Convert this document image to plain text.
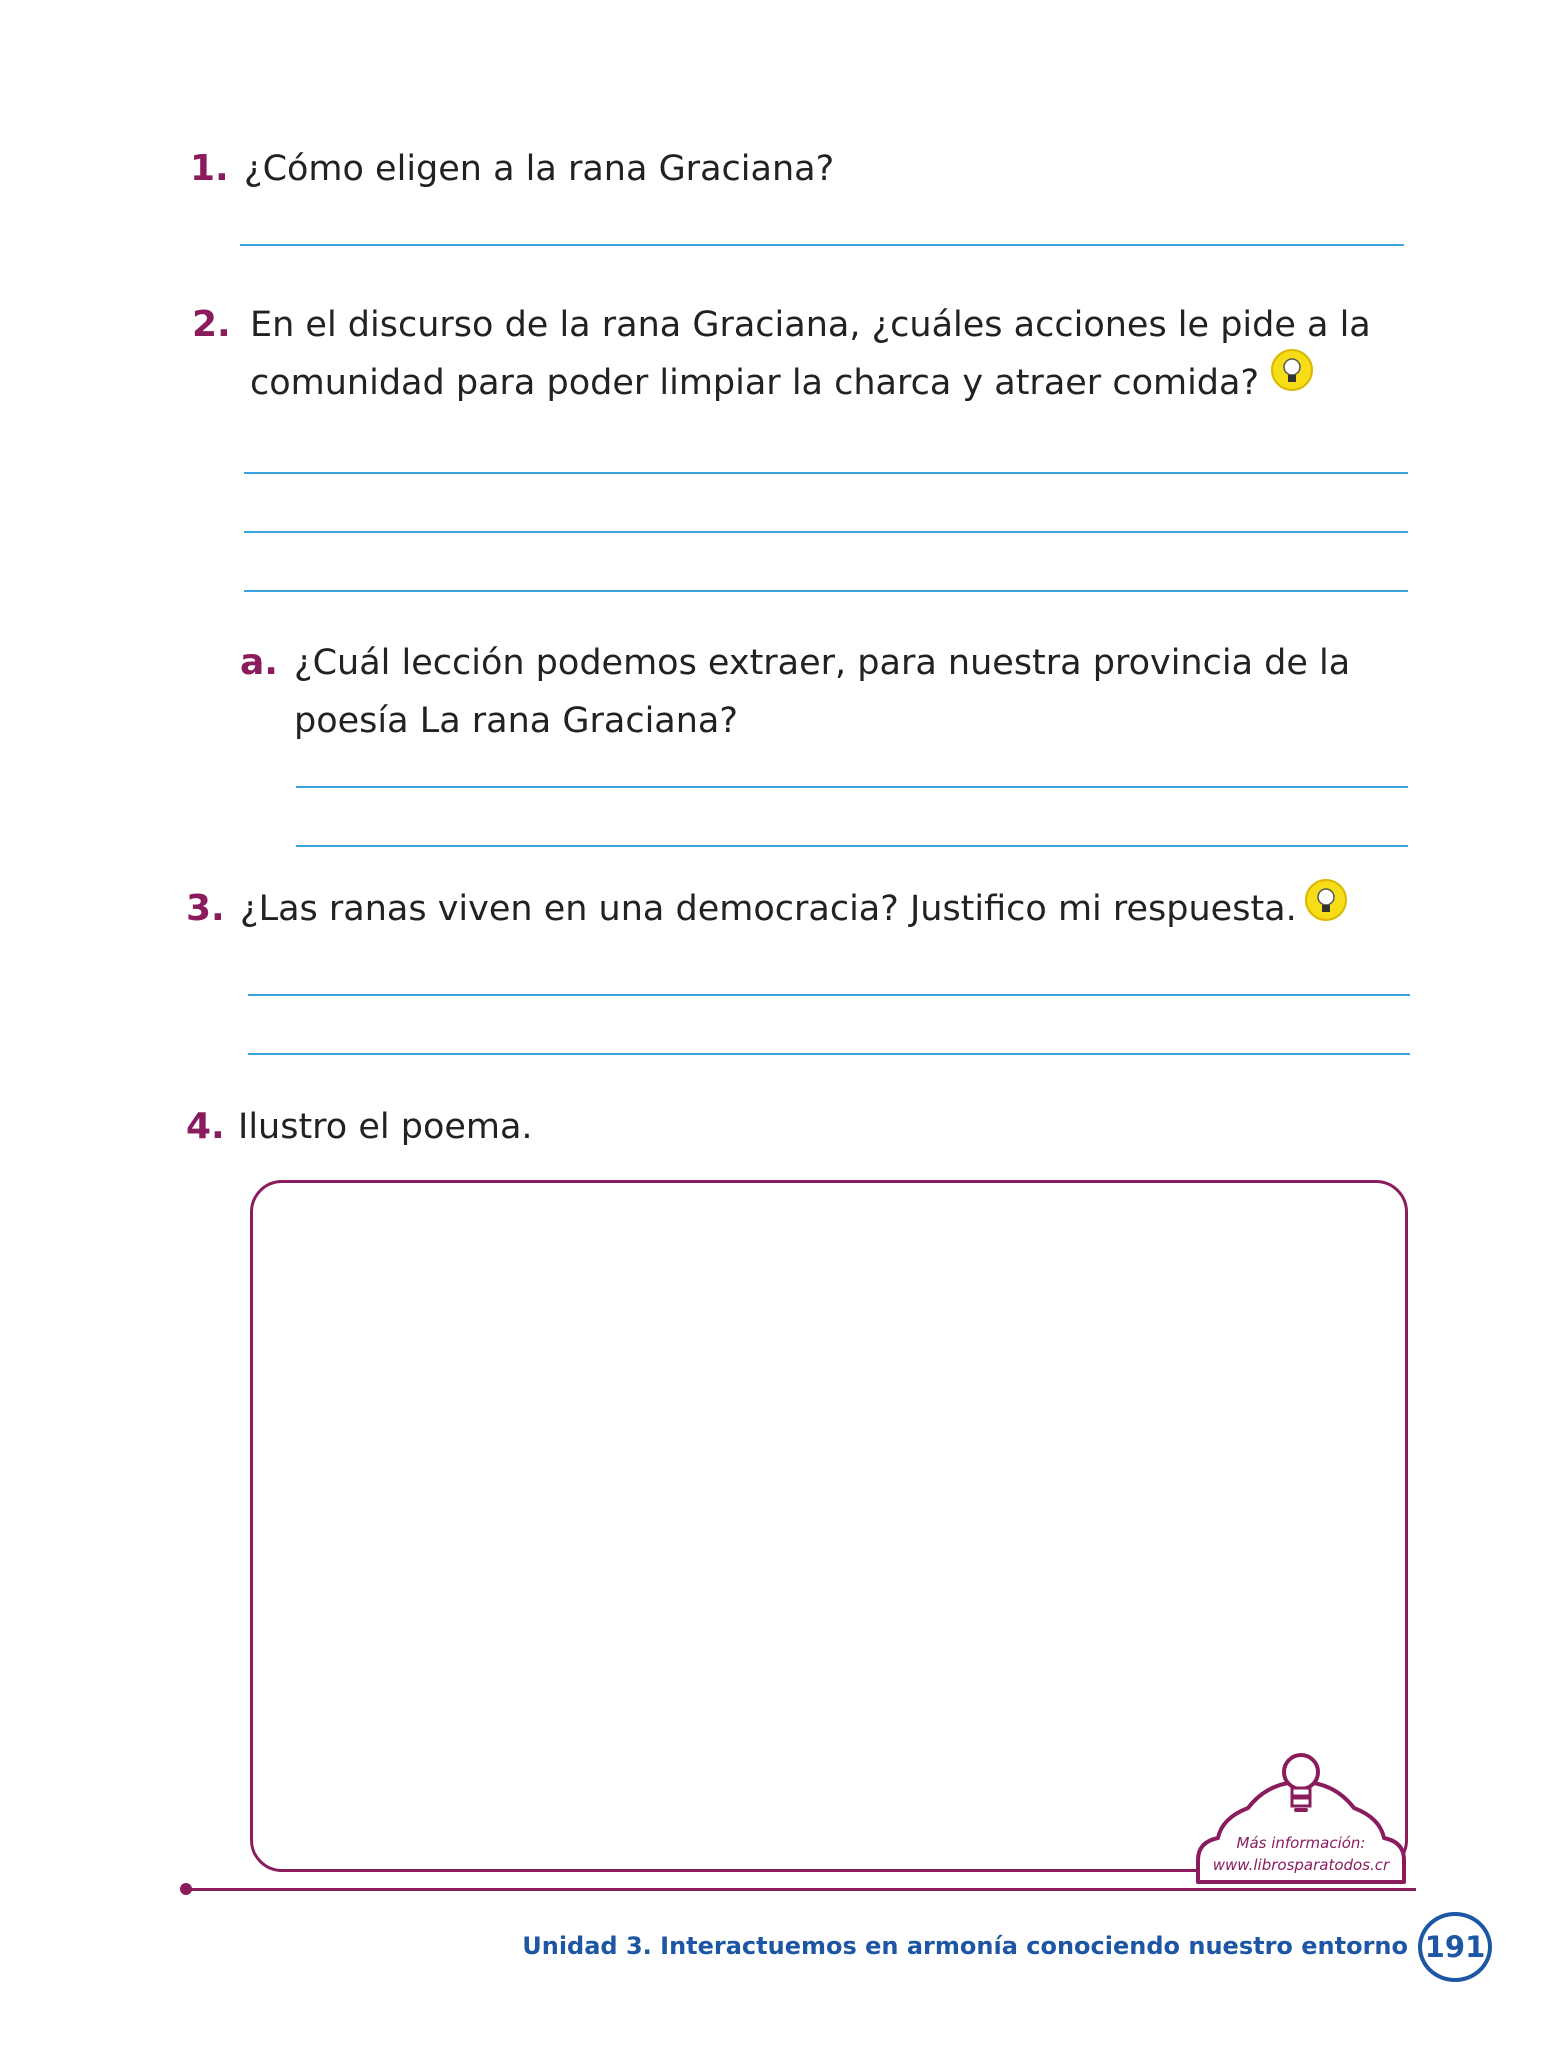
1. ¿Cómo eligen a la rana Graciana?
2. En el discurso de la rana Graciana, ¿cuáles acciones le pide a la
comunidad para poder limpiar la charca y atraer comida?
a. ¿Cuál lección podemos extraer, para nuestra provincia de la
poesía La rana Graciana?
3. ¿Las ranas viven en una democracia? Justifico mi respuesta.
4. Ilustro el poema.
Más información:
www.librosparatodos.cr
Unidad 3. Interactuemos en armonía conociendo nuestro entorno 191
